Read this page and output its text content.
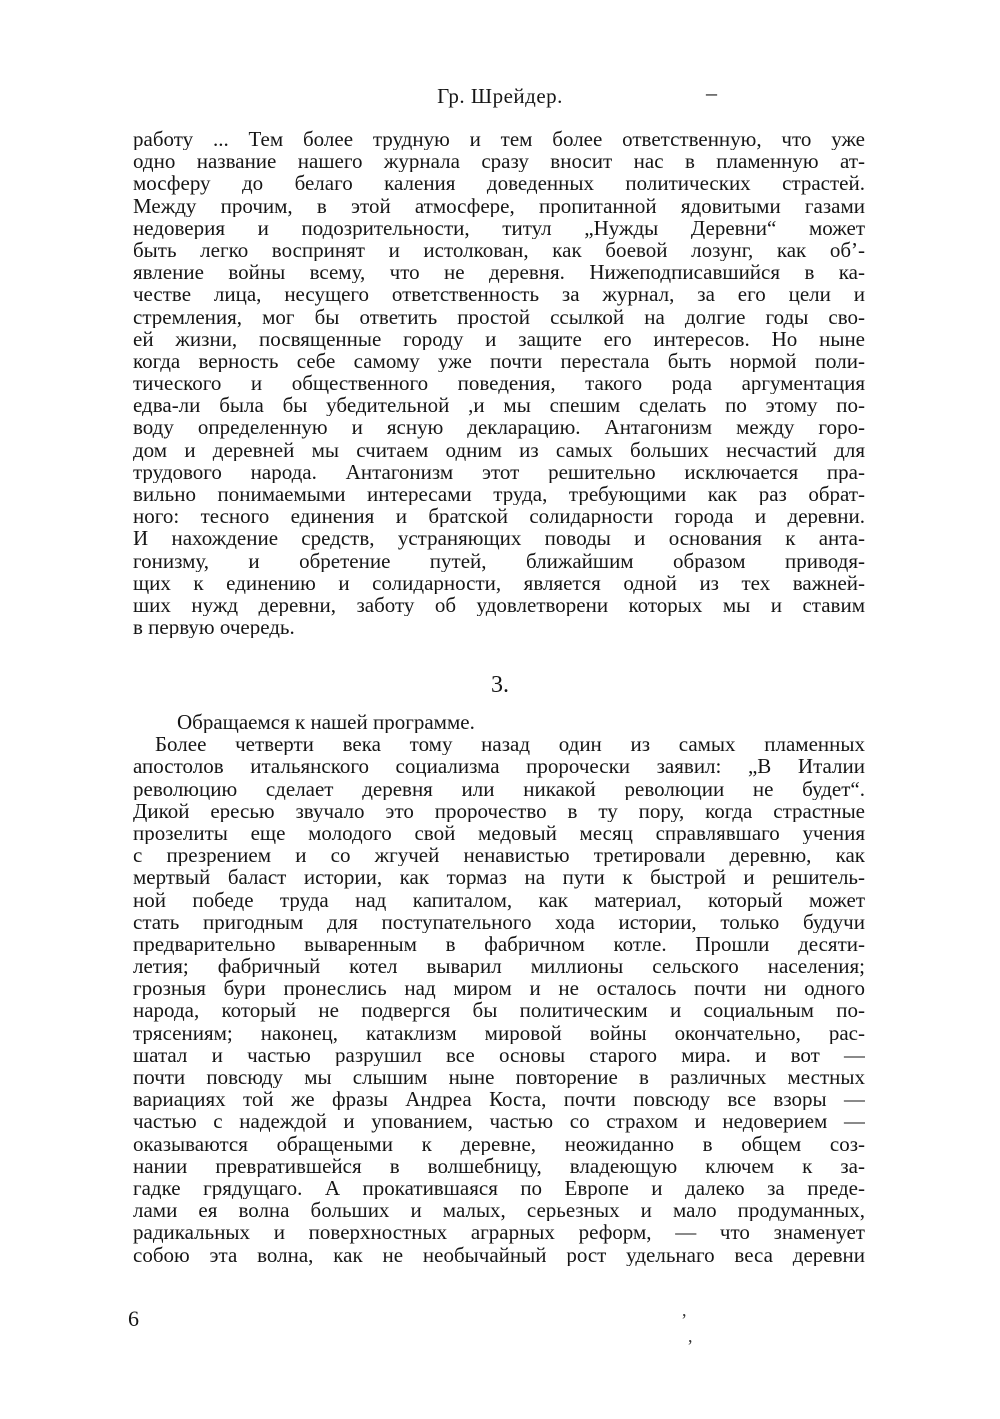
Гр. Шрейдер.	–
работу ... Тем более трудную и тем более ответственную, что уже
одно название нашего журнала сразу вносит нас в пламенную ат-
мосферу до белаго каления доведенных политических страстей.
Между прочим, в этой атмосфере, пропитанной ядовитыми газами
недоверия и подозрительности, титул „Нужды Деревни“ может
быть легко воспринят и истолкован, как боевой лозунг, как об’-
явление войны всему, что не деревня. Нижеподписавшийся в ка-
честве лица, несущего ответственность за журнал, за его цели и
стремления, мог бы ответить простой ссылкой на долгие годы сво-
ей жизни, посвященные городу и защите его интересов. Но ныне
когда верность себе самому уже почти перестала быть нормой поли-
тического и общественного поведения, такого рода аргументация
едва-ли была бы убедительной ,и мы спешим сделать по этому по-
воду определенную и ясную декларацию. Антагонизм между горо-
дом и деревней мы считаем одним из самых больших несчастий для
трудового народа. Антагонизм этот решительно исключается пра-
вильно понимаемыми интересами труда, требующими как раз обрат-
ного: тесного единения и братской солидарности города и деревни.
И нахождение средств, устраняющих поводы и основания к анта-
гонизму, и обретение путей, ближайшим образом приводя-
щих к единению и солидарности, является одной из тех важней-
ших нужд деревни, заботу об удовлетворени которых мы и ставим
в первую очередь.
3.
Обращаемся к нашей программе.
Более четверти века тому назад один из самых пламенных
апостолов итальянского социализма пророчески заявил: „В Италии
революцию сделает деревня или никакой революции не будет“.
Дикой ересью звучало это пророчество в ту пору, когда страстные
прозелиты еще молодого свой медовый месяц справлявшаго учения
с презрением и со жгучей ненавистью третировали деревню, как
мертвый баласт истории, как тормаз на пути к быстрой и решитель-
ной победе труда над капиталом, как материал, который может
стать пригодным для поступательного хода истории, только будучи
предварительно вываренным в фабричном котле. Прошли десяти-
летия; фабричный котел выварил миллионы сельского населения;
грозныя бури пронеслись над миром и не осталось почти ни одного
народа, который не подвергся бы политическим и социальным по-
трясениям; наконец, катаклизм мировой войны окончательно, рас-
шатал и частью разрушил все основы старого мира. и вот —
почти повсюду мы слышим ныне повторение в различных местных
вариациях той же фразы Андреа Коста, почти повсюду все взоры —
частью с надеждой и упованием, частью со страхом и недоверием —
оказываются обращеными к деревне, неожиданно в общем соз-
нании превратившейся в волшебницу, владеющую ключем к за-
гадке грядущаго. А прокатившаяся по Европе и далеко за преде-
лами ея волна больших и малых, серьезных и мало продуманных,
радикальных и поверхностных аграрных реформ, — что знаменует
собою эта волна, как не необычайный рост удельнаго веса деревни
6	,
,
